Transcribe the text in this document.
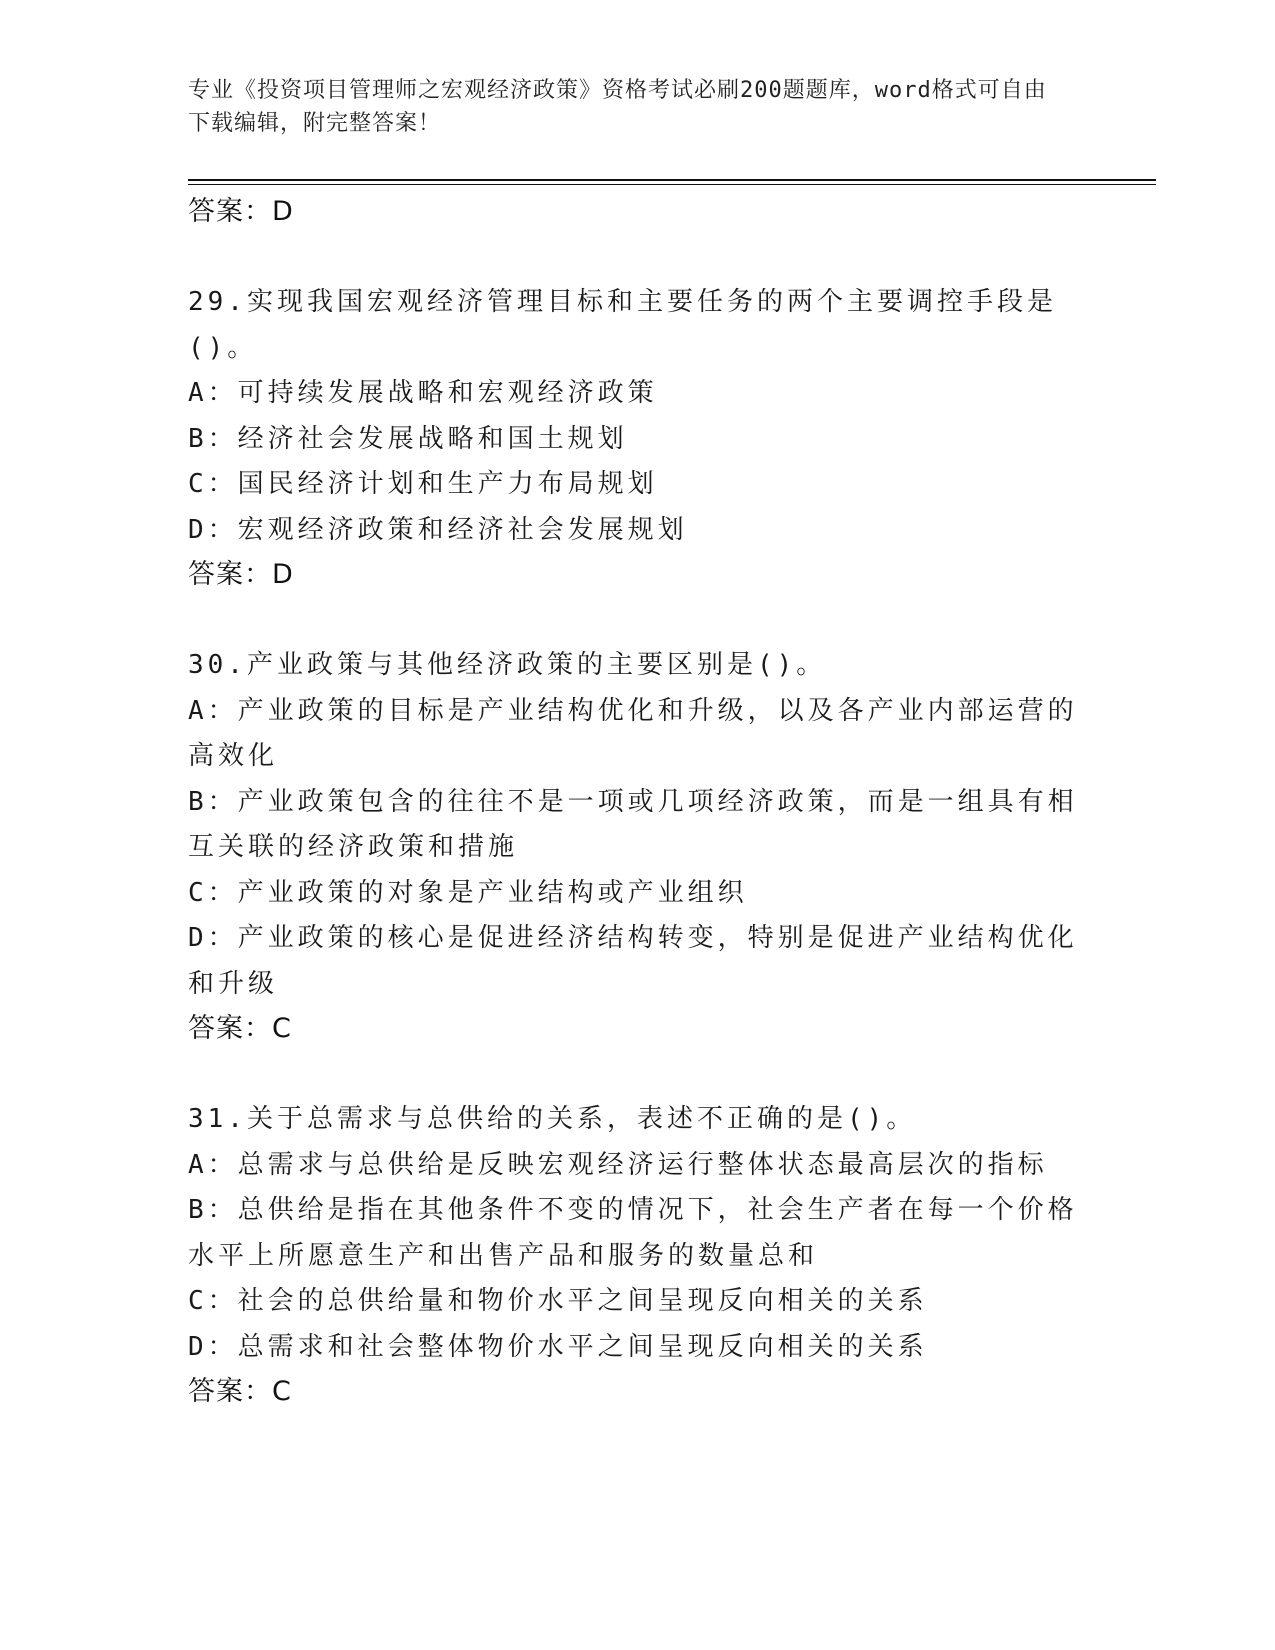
专业《投资项目管理师之宏观经济政策》资格考试必刷200题题库，word格式可自由下载编辑，附完整答案！
答案：D
29.实现我国宏观经济管理目标和主要任务的两个主要调控手段是()。
A：可持续发展战略和宏观经济政策
B：经济社会发展战略和国土规划
C：国民经济计划和生产力布局规划
D：宏观经济政策和经济社会发展规划
答案：D
30.产业政策与其他经济政策的主要区别是()。
A：产业政策的目标是产业结构优化和升级，以及各产业内部运营的高效化
B：产业政策包含的往往不是一项或几项经济政策，而是一组具有相互关联的经济政策和措施
C：产业政策的对象是产业结构或产业组织
D：产业政策的核心是促进经济结构转变，特别是促进产业结构优化和升级
答案：C
31.关于总需求与总供给的关系，表述不正确的是()。
A：总需求与总供给是反映宏观经济运行整体状态最高层次的指标
B：总供给是指在其他条件不变的情况下，社会生产者在每一个价格水平上所愿意生产和出售产品和服务的数量总和
C：社会的总供给量和物价水平之间呈现反向相关的关系
D：总需求和社会整体物价水平之间呈现反向相关的关系
答案：C
